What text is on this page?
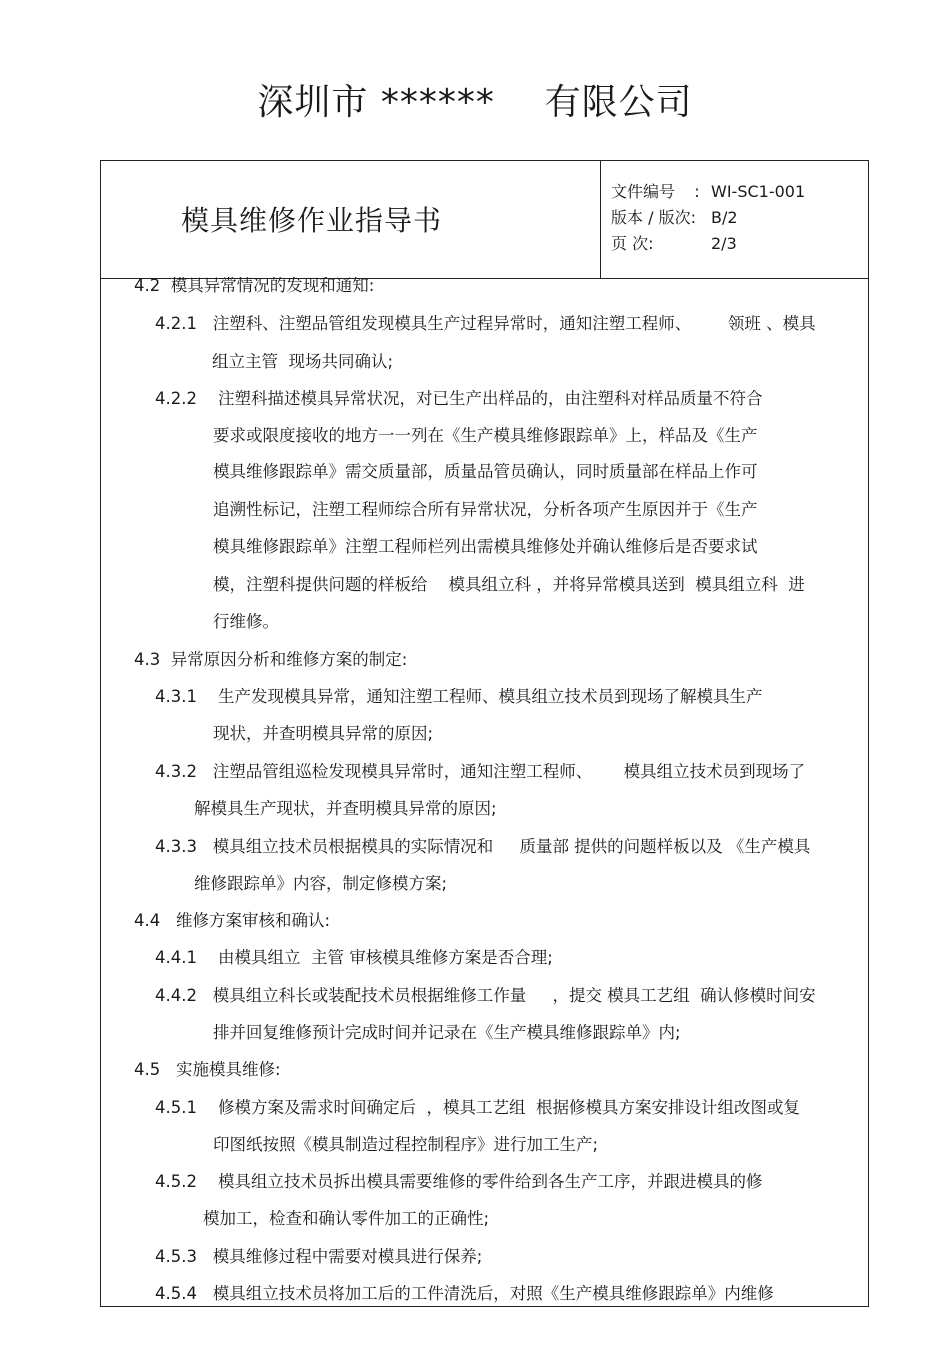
深圳市 ******    有限公司
模具维修作业指导书
文件编号 : WI-SC1-001
版本 / 版次: B/2
页 次:	2/3
4.2  模具异常情况的发现和通知:
4.2.1   注塑科、注塑品管组发现模具生产过程异常时，通知注塑工程师、       领班 、模具
组立主管  现场共同确认;
4.2.2    注塑科描述模具异常状况，对已生产出样品的，由注塑科对样品质量不符合
要求或限度接收的地方一一列在《生产模具维修跟踪单》上，样品及《生产
模具维修跟踪单》需交质量部，质量品管员确认，同时质量部在样品上作可
追溯性标记，注塑工程师综合所有异常状况，分析各项产生原因并于《生产
模具维修跟踪单》注塑工程师栏列出需模具维修处并确认维修后是否要求试
模，注塑科提供问题的样板给    模具组立科 ，并将异常模具送到  模具组立科  进
行维修。
4.3  异常原因分析和维修方案的制定:
4.3.1    生产发现模具异常，通知注塑工程师、模具组立技术员到现场了解模具生产
现状，并查明模具异常的原因;
4.3.2   注塑品管组巡检发现模具异常时，通知注塑工程师、      模具组立技术员到现场了
解模具生产现状，并查明模具异常的原因;
4.3.3   模具组立技术员根据模具的实际情况和     质量部 提供的问题样板以及 《生产模具
维修跟踪单》内容，制定修模方案;
4.4   维修方案审核和确认:
4.4.1    由模具组立  主管 审核模具维修方案是否合理;
4.4.2   模具组立科长或装配技术员根据维修工作量     ，提交 模具工艺组  确认修模时间安
排并回复维修预计完成时间并记录在《生产模具维修跟踪单》内;
4.5   实施模具维修:
4.5.1    修模方案及需求时间确定后  ，模具工艺组  根据修模具方案安排设计组改图或复
印图纸按照《模具制造过程控制程序》进行加工生产;
4.5.2    模具组立技术员拆出模具需要维修的零件给到各生产工序，并跟进模具的修
模加工，检查和确认零件加工的正确性;
4.5.3   模具维修过程中需要对模具进行保养;
4.5.4   模具组立技术员将加工后的工件清洗后，对照《生产模具维修跟踪单》内维修
